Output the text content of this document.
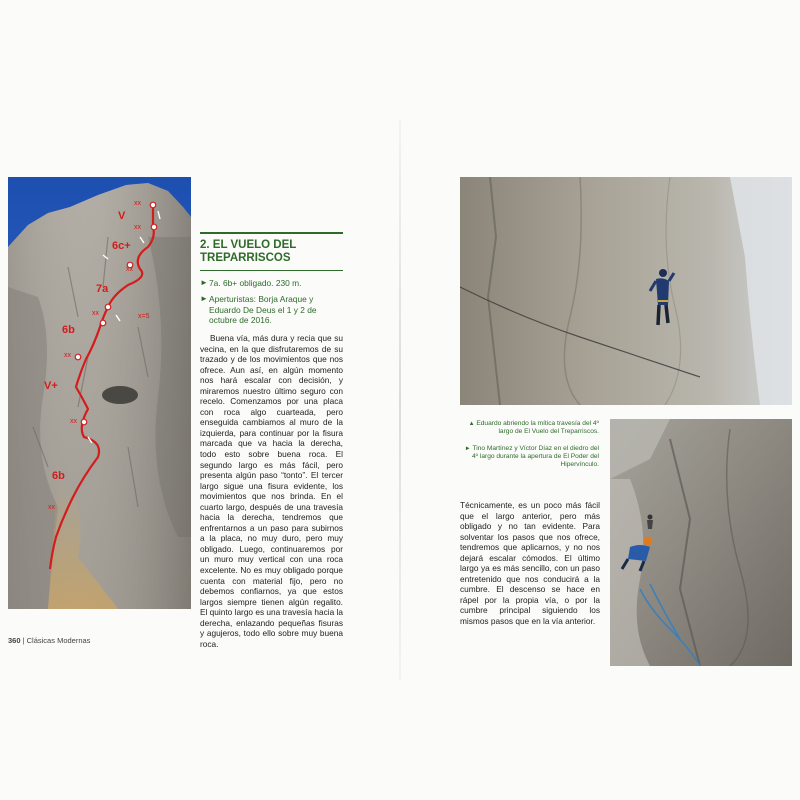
V
6c+
7a
6b
V+
6b
xx
xx
xx
xx
xx
xx
xx
x=5
2. EL VUELO DEL TREPARRISCOS
► 7a. 6b+ obligado. 230 m.
► Aperturistas: Borja Araque y Eduardo De Deus el 1 y 2 de octubre de 2016.

Buena vía, más dura y recia que su vecina, en la que disfrutaremos de su trazado y de los movimientos que nos ofrece. Aun así, en algún momento nos hará escalar con decisión, y miraremos nuestro último seguro con recelo. Comenzamos por una placa con roca algo cuarteada, pero enseguida cambiamos al muro de la izquierda, para continuar por la fisura marcada que va hacia la derecha, todo esto sobre buena roca. El segundo largo es más fácil, pero presenta algún paso “tonto”. El tercer largo sigue una fisura evidente, los movimientos que nos brinda. En el cuarto largo, después de una travesía hacia la derecha, tendremos que enfrentarnos a un paso para subirnos a la placa, no muy duro, pero muy obligado. Luego, continuaremos por un muro muy vertical con una roca excelente. No es muy obligado porque cuenta con material fijo, pero no debemos confiarnos, ya que estos largos siempre tienen algún regalito. El quinto largo es una travesía hacia la derecha, enlazando pequeñas fisuras y agujeros, todo ello sobre muy buena roca.

360 | Clásicas Modernas
▲ Eduardo abriendo la mítica travesía del 4º largo de El Vuelo del Treparriscos.
► Tino Martínez y Víctor Díaz en el diedro del 4º largo durante la apertura de El Poder del Hipervínculo.

Técnicamente, es un poco más fácil que el largo anterior, pero más obligado y no tan evidente. Para solventar los pasos que nos ofrece, tendremos que aplicarnos, y no nos dejará escalar cómodos. El último largo ya es más sencillo, con un paso entretenido que nos conducirá a la cumbre. El descenso se hace en rápel por la propia vía, o por la cumbre principal siguiendo los mismos pasos que en la vía anterior.
